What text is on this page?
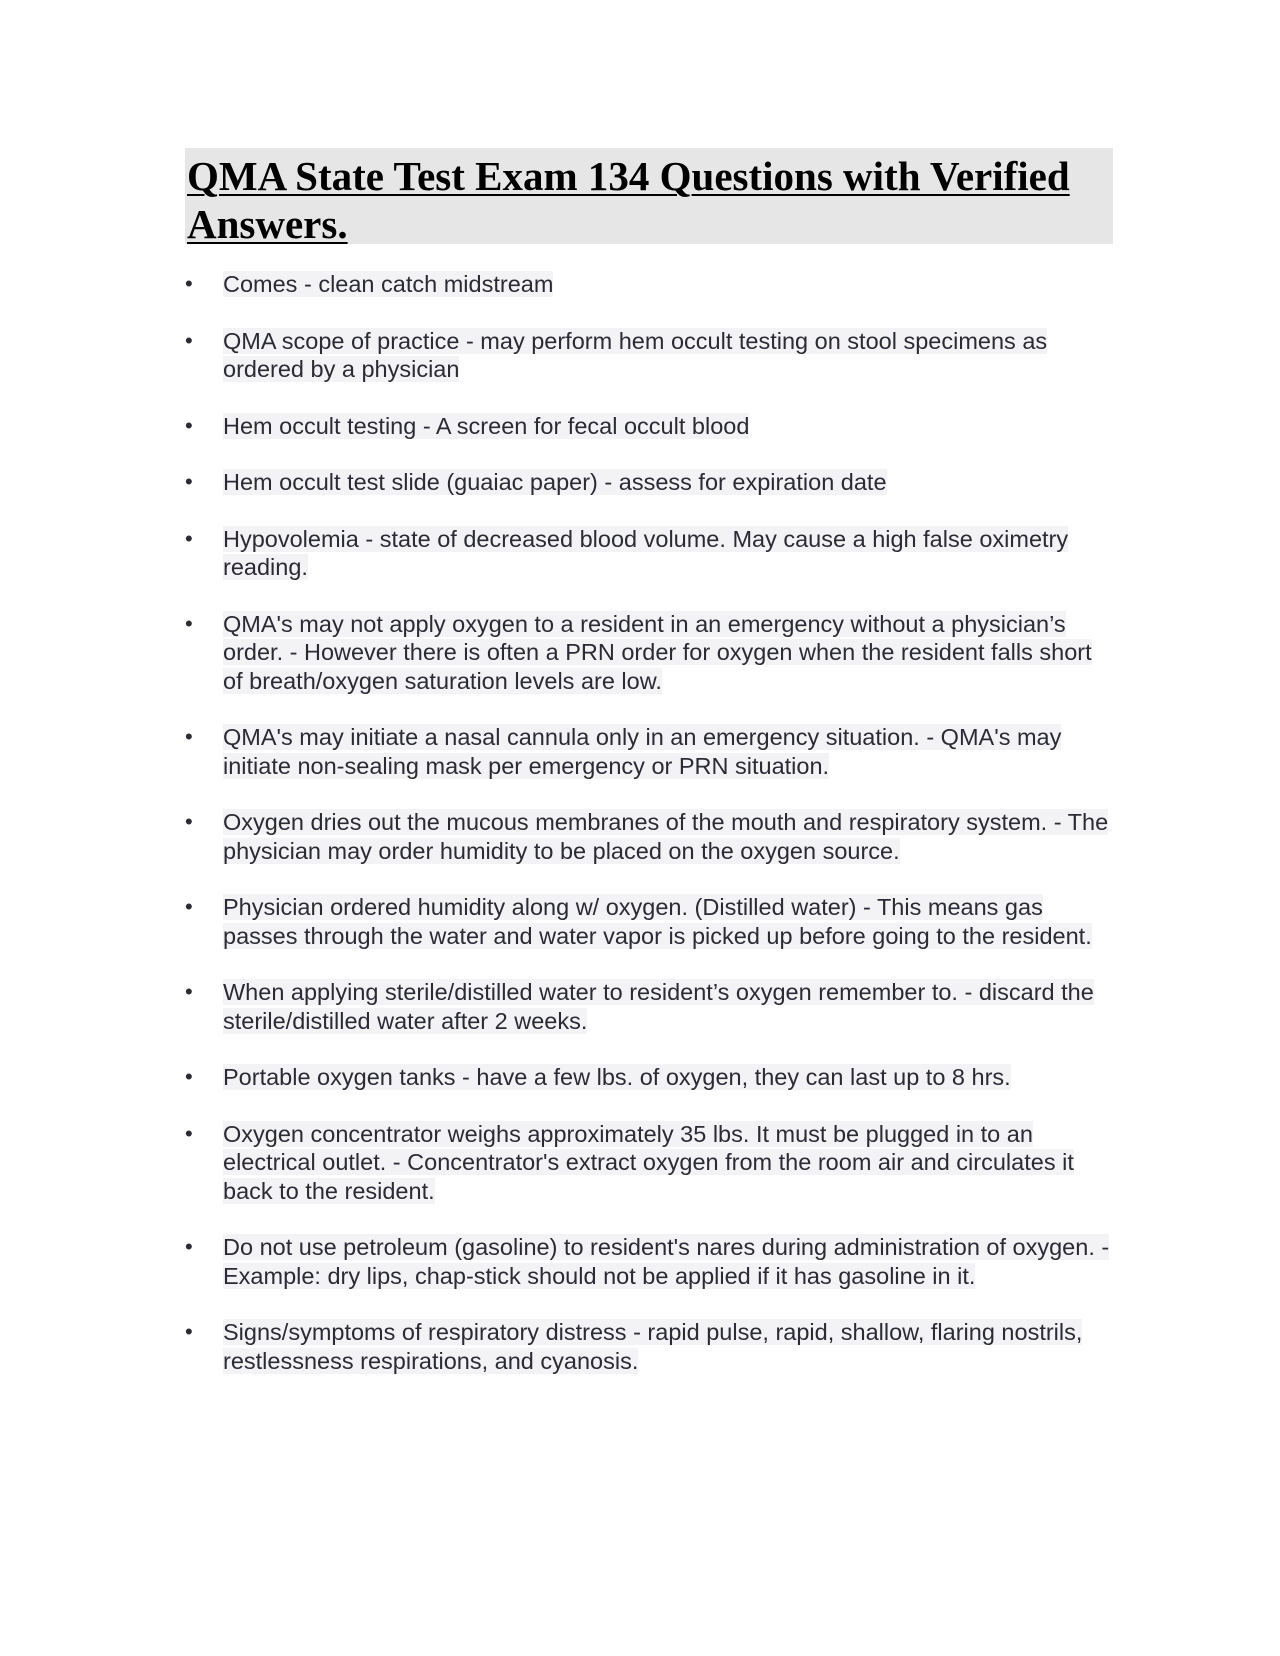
QMA State Test Exam 134 Questions with Verified Answers.
• Comes - clean catch midstream
• QMA scope of practice - may perform hem occult testing on stool specimens as ordered by a physician
• Hem occult testing - A screen for fecal occult blood
• Hem occult test slide (guaiac paper) - assess for expiration date
• Hypovolemia - state of decreased blood volume. May cause a high false oximetry reading.
• QMA's may not apply oxygen to a resident in an emergency without a physician’s order. - However there is often a PRN order for oxygen when the resident falls short of breath/oxygen saturation levels are low.
• QMA's may initiate a nasal cannula only in an emergency situation. - QMA's may initiate non-sealing mask per emergency or PRN situation.
• Oxygen dries out the mucous membranes of the mouth and respiratory system. - The physician may order humidity to be placed on the oxygen source.
• Physician ordered humidity along w/ oxygen. (Distilled water) - This means gas passes through the water and water vapor is picked up before going to the resident.
• When applying sterile/distilled water to resident’s oxygen remember to. - discard the sterile/distilled water after 2 weeks.
• Portable oxygen tanks - have a few lbs. of oxygen, they can last up to 8 hrs.
• Oxygen concentrator weighs approximately 35 lbs. It must be plugged in to an electrical outlet. - Concentrator's extract oxygen from the room air and circulates it back to the resident.
• Do not use petroleum (gasoline) to resident's nares during administration of oxygen. - Example: dry lips, chap-stick should not be applied if it has gasoline in it.
• Signs/symptoms of respiratory distress - rapid pulse, rapid, shallow, flaring nostrils, restlessness respirations, and cyanosis.
